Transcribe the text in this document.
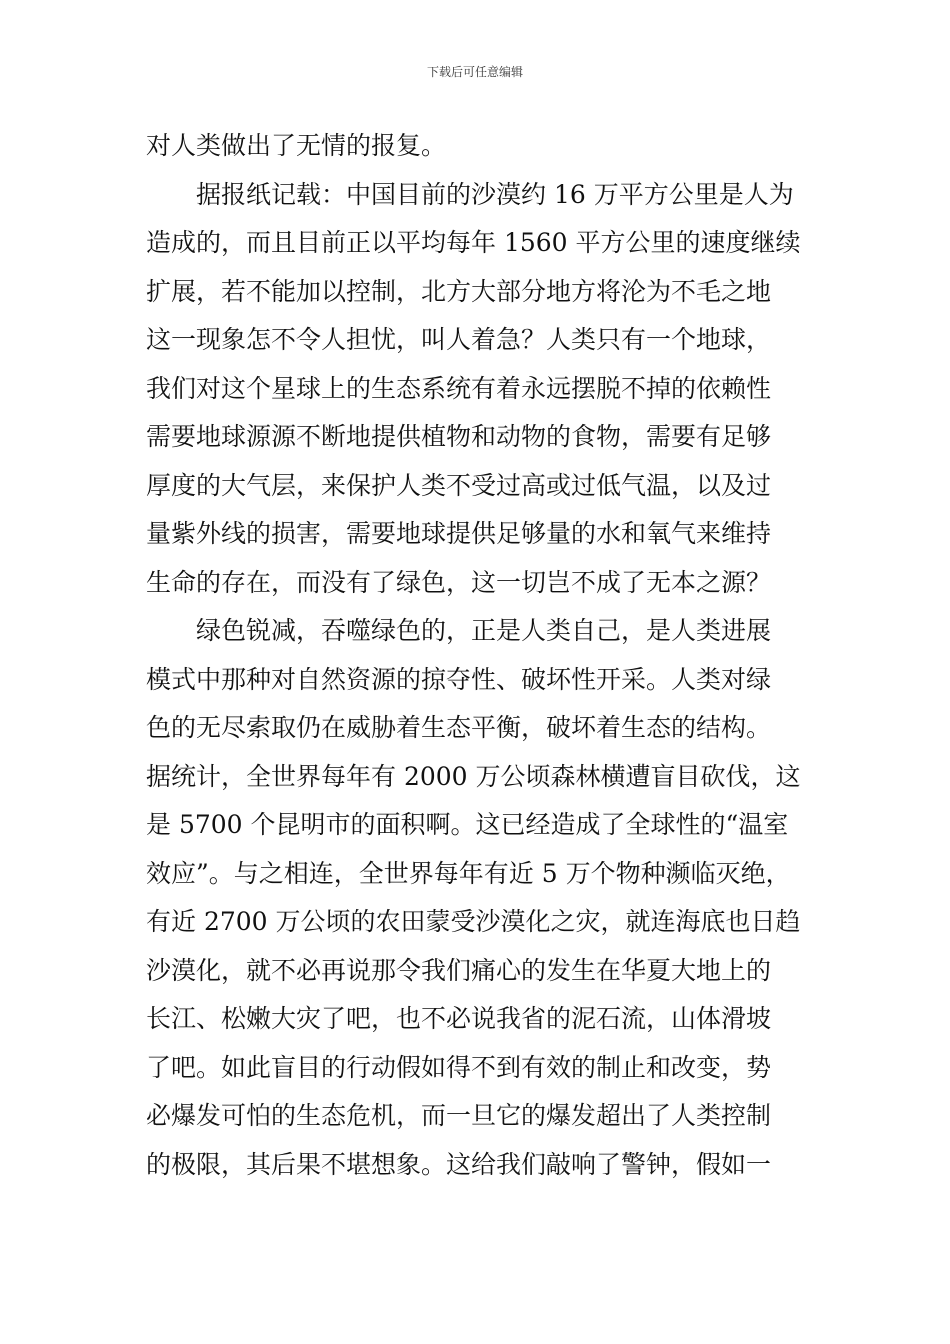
下载后可任意编辑
对人类做出了无情的报复。
据报纸记载：中国目前的沙漠约 16 万平方公里是人为
造成的，而且目前正以平均每年 1560 平方公里的速度继续
扩展，若不能加以控制，北方大部分地方将沦为不毛之地
这一现象怎不令人担忧，叫人着急？人类只有一个地球，
我们对这个星球上的生态系统有着永远摆脱不掉的依赖性
需要地球源源不断地提供植物和动物的食物，需要有足够
厚度的大气层，来保护人类不受过高或过低气温，以及过
量紫外线的损害，需要地球提供足够量的水和氧气来维持
生命的存在，而没有了绿色，这一切岂不成了无本之源？
绿色锐减，吞噬绿色的，正是人类自己，是人类进展
模式中那种对自然资源的掠夺性、破坏性开采。人类对绿
色的无尽索取仍在威胁着生态平衡，破坏着生态的结构。
据统计，全世界每年有 2000 万公顷森林横遭盲目砍伐，这
是 5700 个昆明市的面积啊。这已经造成了全球性的“温室
效应”。与之相连，全世界每年有近 5 万个物种濒临灭绝，
有近 2700 万公顷的农田蒙受沙漠化之灾，就连海底也日趋
沙漠化，就不必再说那令我们痛心的发生在华夏大地上的
长江、松嫩大灾了吧，也不必说我省的泥石流，山体滑坡
了吧。如此盲目的行动假如得不到有效的制止和改变，势
必爆发可怕的生态危机，而一旦它的爆发超出了人类控制
的极限，其后果不堪想象。这给我们敲响了警钟，假如一
